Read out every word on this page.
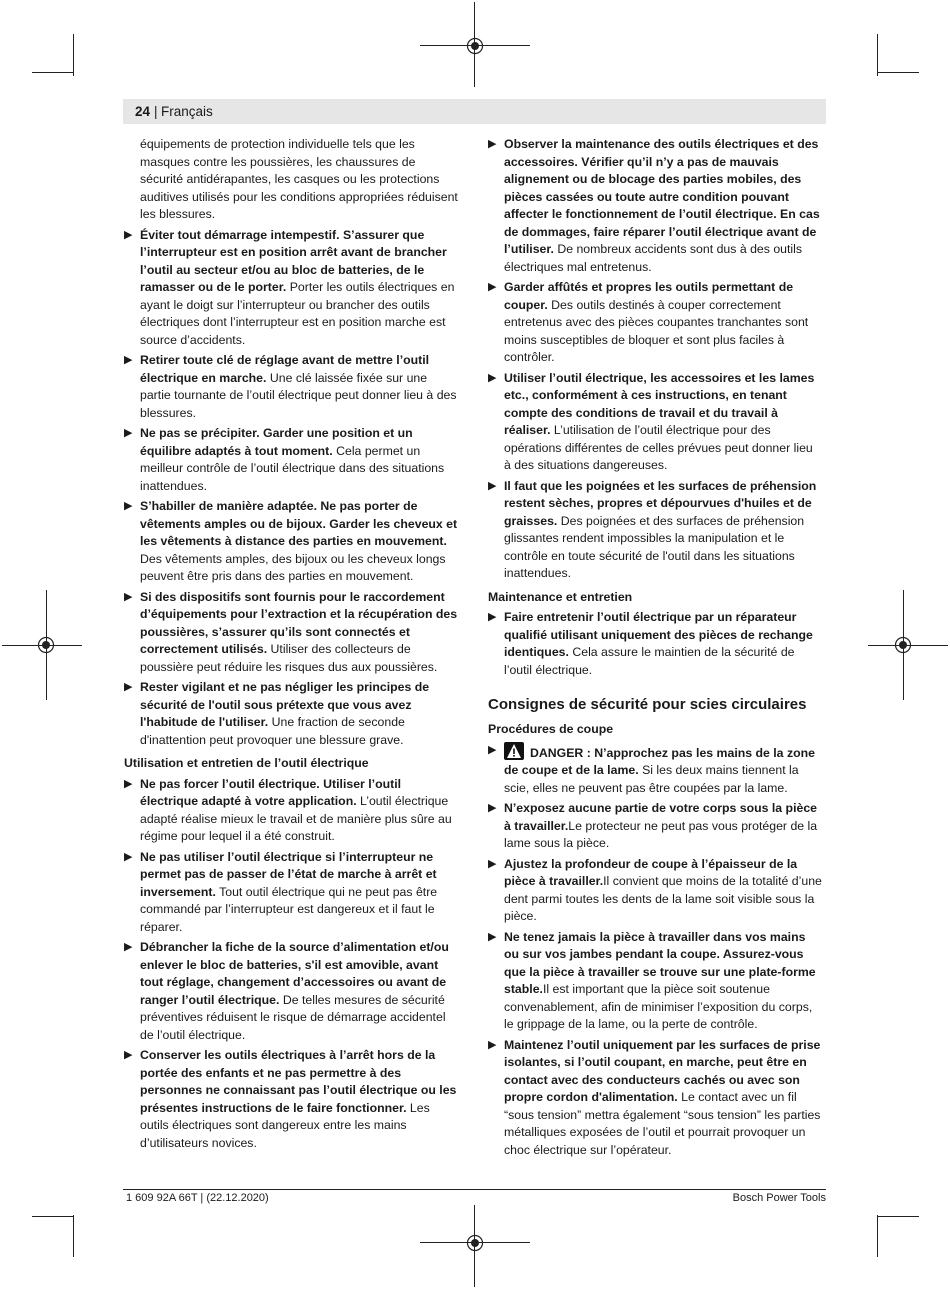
24 | Français

équipements de protection individuelle tels que les masques contre les poussières, les chaussures de sécurité antidérapantes, les casques ou les protections auditives utilisés pour les conditions appropriées réduisent les blessures.

▶ Éviter tout démarrage intempestif. S’assurer que l’interrupteur est en position arrêt avant de brancher l’outil au secteur et/ou au bloc de batteries, de le ramasser ou de le porter. Porter les outils électriques en ayant le doigt sur l’interrupteur ou brancher des outils électriques dont l’interrupteur est en position marche est source d’accidents.
▶ Retirer toute clé de réglage avant de mettre l’outil électrique en marche. Une clé laissée fixée sur une partie tournante de l’outil électrique peut donner lieu à des blessures.
▶ Ne pas se précipiter. Garder une position et un équilibre adaptés à tout moment. Cela permet un meilleur contrôle de l’outil électrique dans des situations inattendues.
▶ S’habiller de manière adaptée. Ne pas porter de vêtements amples ou de bijoux. Garder les cheveux et les vêtements à distance des parties en mouvement. Des vêtements amples, des bijoux ou les cheveux longs peuvent être pris dans des parties en mouvement.
▶ Si des dispositifs sont fournis pour le raccordement d’équipements pour l’extraction et la récupération des poussières, s’assurer qu’ils sont connectés et correctement utilisés. Utiliser des collecteurs de poussière peut réduire les risques dus aux poussières.
▶ Rester vigilant et ne pas négliger les principes de sécurité de l'outil sous prétexte que vous avez l'habitude de l'utiliser. Une fraction de seconde d'inattention peut provoquer une blessure grave.
Utilisation et entretien de l’outil électrique
▶ Ne pas forcer l’outil électrique. Utiliser l’outil électrique adapté à votre application. L’outil électrique adapté réalise mieux le travail et de manière plus sûre au régime pour lequel il a été construit.
▶ Ne pas utiliser l’outil électrique si l’interrupteur ne permet pas de passer de l’état de marche à arrêt et inversement. Tout outil électrique qui ne peut pas être commandé par l’interrupteur est dangereux et il faut le réparer.
▶ Débrancher la fiche de la source d’alimentation et/ou enlever le bloc de batteries, s'il est amovible, avant tout réglage, changement d’accessoires ou avant de ranger l’outil électrique. De telles mesures de sécurité préventives réduisent le risque de démarrage accidentel de l’outil électrique.
▶ Conserver les outils électriques à l’arrêt hors de la portée des enfants et ne pas permettre à des personnes ne connaissant pas l’outil électrique ou les présentes instructions de le faire fonctionner. Les outils électriques sont dangereux entre les mains d’utilisateurs novices.
▶ Observer la maintenance des outils électriques et des accessoires. Vérifier qu’il n’y a pas de mauvais alignement ou de blocage des parties mobiles, des pièces cassées ou toute autre condition pouvant affecter le fonctionnement de l’outil électrique. En cas de dommages, faire réparer l’outil électrique avant de l’utiliser. De nombreux accidents sont dus à des outils électriques mal entretenus.
▶ Garder affûtés et propres les outils permettant de couper. Des outils destinés à couper correctement entretenus avec des pièces coupantes tranchantes sont moins susceptibles de bloquer et sont plus faciles à contrôler.
▶ Utiliser l’outil électrique, les accessoires et les lames etc., conformément à ces instructions, en tenant compte des conditions de travail et du travail à réaliser. L’utilisation de l’outil électrique pour des opérations différentes de celles prévues peut donner lieu à des situations dangereuses.
▶ Il faut que les poignées et les surfaces de préhension restent sèches, propres et dépourvues d'huiles et de graisses. Des poignées et des surfaces de préhension glissantes rendent impossibles la manipulation et le contrôle en toute sécurité de l'outil dans les situations inattendues.
Maintenance et entretien
▶ Faire entretenir l’outil électrique par un réparateur qualifié utilisant uniquement des pièces de rechange identiques. Cela assure le maintien de la sécurité de l’outil électrique.
Consignes de sécurité pour scies circulaires
Procédures de coupe
▶	DANGER : N’approchez pas les mains de la zone de coupe et de la lame. Si les deux mains tiennent la scie, elles ne peuvent pas être coupées par la lame.
▶ N’exposez aucune partie de votre corps sous la pièce à travailler.Le protecteur ne peut pas vous protéger de la lame sous la pièce.
▶ Ajustez la profondeur de coupe à l’épaisseur de la pièce à travailler.Il convient que moins de la totalité d’une dent parmi toutes les dents de la lame soit visible sous la pièce.
▶ Ne tenez jamais la pièce à travailler dans vos mains ou sur vos jambes pendant la coupe. Assurez-vous que la pièce à travailler se trouve sur une plate-forme stable.Il est important que la pièce soit soutenue convenablement, afin de minimiser l’exposition du corps, le grippage de la lame, ou la perte de contrôle.
▶ Maintenez l’outil uniquement par les surfaces de prise isolantes, si l’outil coupant, en marche, peut être en contact avec des conducteurs cachés ou avec son propre cordon d'alimentation. Le contact avec un fil “sous tension” mettra également “sous tension” les parties métalliques exposées de l’outil et pourrait provoquer un choc électrique sur l’opérateur.
1 609 92A 66T | (22.12.2020)	Bosch Power Tools
